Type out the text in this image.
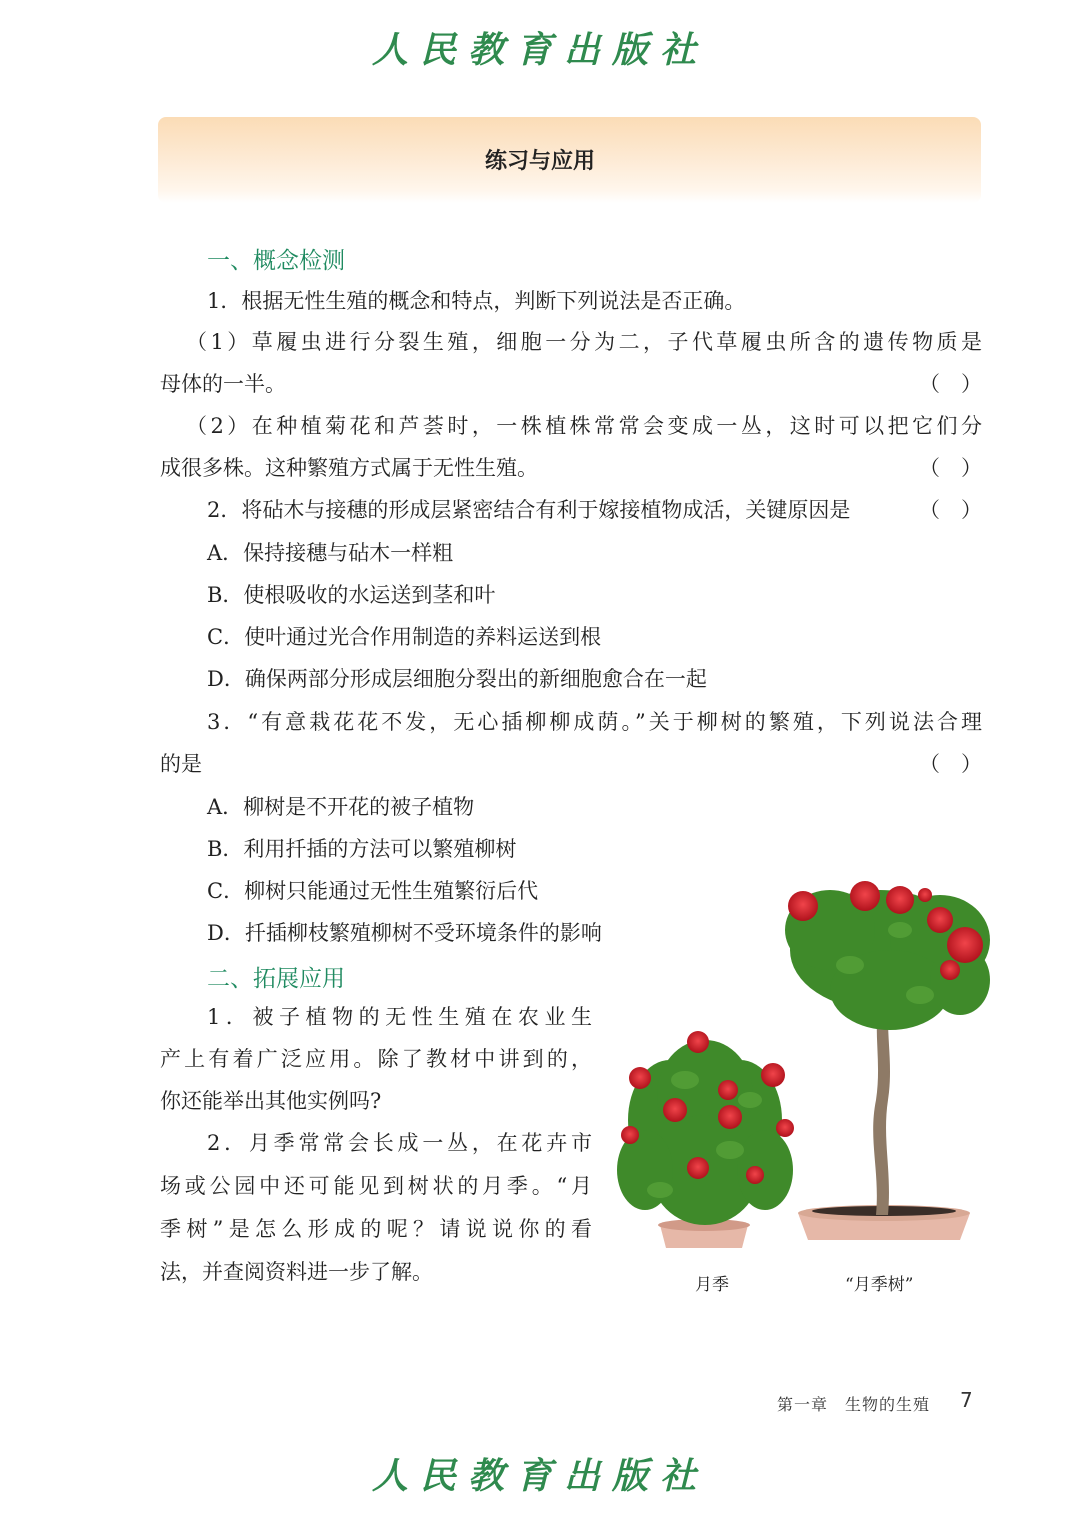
人民教育出版社
练习与应用
一、概念检测
1．根据无性生殖的概念和特点，判断下列说法是否正确。
（1）草履虫进行分裂生殖，细胞一分为二，子代草履虫所含的遗传物质是
母体的一半。	（　）
（2）在种植菊花和芦荟时，一株植株常常会变成一丛，这时可以把它们分
成很多株。这种繁殖方式属于无性生殖。	（　）
2．将砧木与接穗的形成层紧密结合有利于嫁接植物成活，关键原因是	（　）
A．保持接穗与砧木一样粗
B．使根吸收的水运送到茎和叶
C．使叶通过光合作用制造的养料运送到根
D．确保两部分形成层细胞分裂出的新细胞愈合在一起
3．“有意栽花花不发，无心插柳柳成荫。”关于柳树的繁殖，下列说法合理
的是	（　）
A．柳树是不开花的被子植物
B．利用扦插的方法可以繁殖柳树
C．柳树只能通过无性生殖繁衍后代
D．扦插柳枝繁殖柳树不受环境条件的影响
二、拓展应用
1．被子植物的无性生殖在农业生
产上有着广泛应用。除了教材中讲到的，
你还能举出其他实例吗?
2．月季常常会长成一丛，在花卉市
场或公园中还可能见到树状的月季。“月
季树”是怎么形成的呢？请说说你的看
法，并查阅资料进一步了解。
月季	“月季树”
第一章　生物的生殖 7
人民教育出版社
